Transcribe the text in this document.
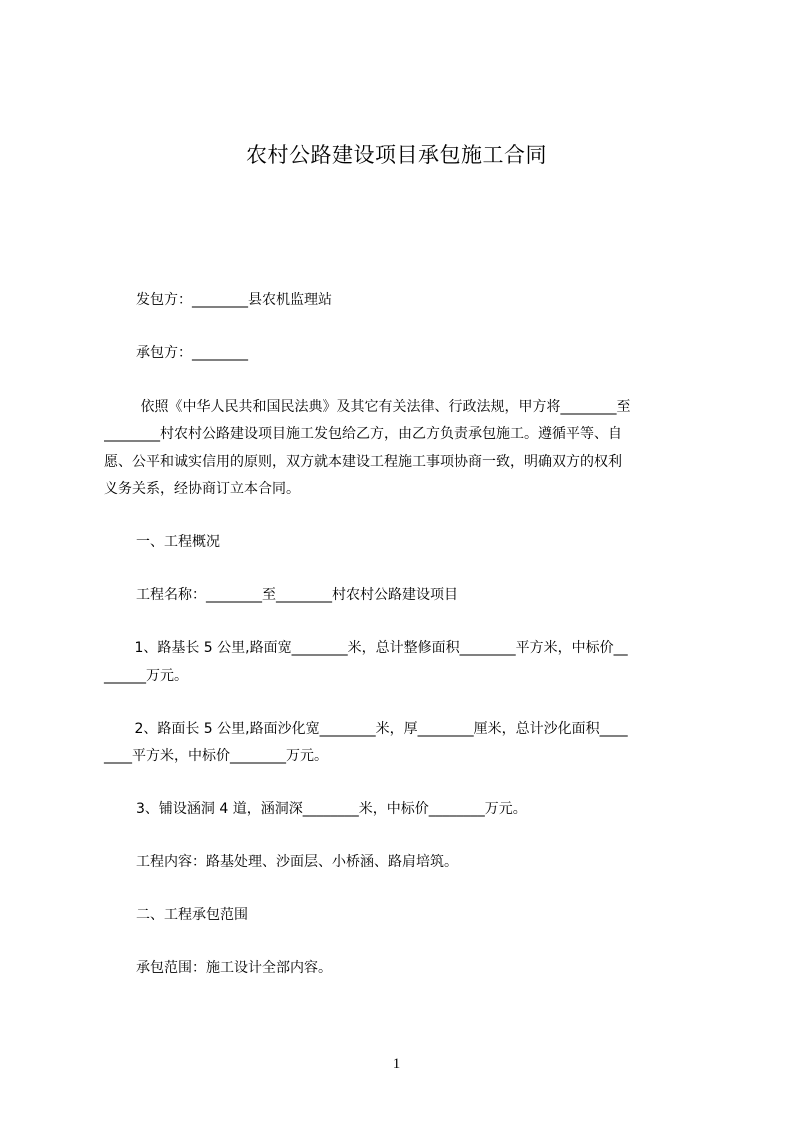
农村公路建设项目承包施工合同

发包方：________县农机监理站

承包方：________

依照《中华人民共和国民法典》及其它有关法律、行政法规，甲方将________至

________村农村公路建设项目施工发包给乙方，由乙方负责承包施工。遵循平等、自

愿、公平和诚实信用的原则，双方就本建设工程施工事项协商一致，明确双方的权利

义务关系，经协商订立本合同。

一、工程概况

工程名称：________至________村农村公路建设项目

1、路基长 5 公里,路面宽________米，总计整修面积________平方米，中标价__

______万元。

2、路面长 5 公里,路面沙化宽________米，厚________厘米，总计沙化面积____

____平方米，中标价________万元。

3、铺设涵洞 4 道，涵洞深________米，中标价________万元。

工程内容：路基处理、沙面层、小桥涵、路肩培筑。

二、工程承包范围

承包范围：施工设计全部内容。

1
